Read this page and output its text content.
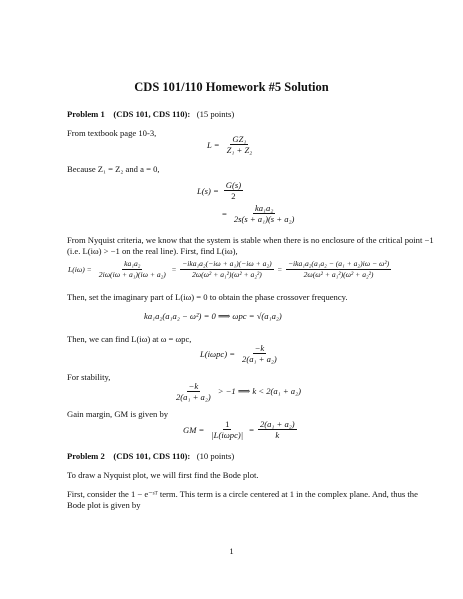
CDS 101/110 Homework #5 Solution
Problem 1 (CDS 101, CDS 110): (15 points)
From textbook page 10-3,
$L = \frac{\text{GZ₁}}{\text{Z₁ + Z₂}}$
Because Z₁ = Z₂ and a = 0,
$L(s) = \frac{G(s)}{2}$
= $\frac{\text{ka₁a₂}}{\text{2s(s + a₁)(s + a₂)}}$
From Nyquist criteria, we know that the system is stable when there is no enclosure of the critical point −1
(i.e. L(iω) > −1 on the real line). First, find L(iω),
$L(i\omega) = \frac{\text{ka₁a₂}}{\text{2iω(iω + a₁)(iω + a₂)}} = \frac{\text{−ika₁a₂(−iω + a₁)(−iω + a₂)}}{\text{2ω(ω² + a₁²)(ω² + a₂²)}} = \frac{\text{−ika₁a₂(a₁a₂ − (a₁ + a₂)iω − ω²)}}{\text{2ω(ω² + a₁²)(ω² + a₂²)}}$
Then, set the imaginary part of L(iω) = 0 to obtain the phase crossover frequency.
ka₁a₂(a₁a₂ − ω²) = 0 ⟹ ωpc = √(a₁a₂)
Then, we can find L(iω) at ω = ωpc,
$L(i\omega pc) = \frac{-k}{\text{2(a₁ + a₂)}}$
For stability,
$\frac{-k}{\text{2(a₁ + a₂)}} > -1$ ⟹ k < 2(a₁ + a₂)
Gain margin, GM is given by
GM = $\frac{1}{\text{|L(iωpc)|}} = \frac{\text{2(a₁ + a₂)}}{k}$
Problem 2 (CDS 101, CDS 110): (10 points)
To draw a Nyquist plot, we will first find the Bode plot.
First, consider the 1 − e⁻ˢᵀ term. This term is a circle centered at 1 in the complex plane. And, thus the
Bode plot is given by
1
